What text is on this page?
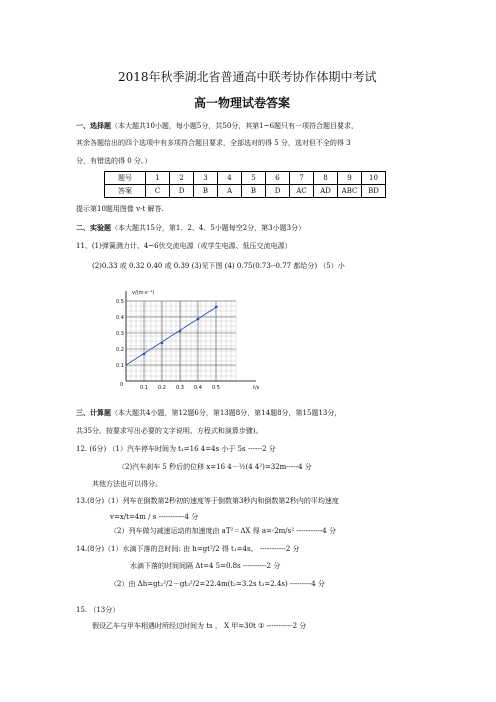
2018年秋季湖北省普通高中联考协作体期中考试
高一物理试卷答案
一、选择题（本大题共10小题，每小题5分，共50分，其第1~6题只有一项符合题目要求，
其余各题给出的四个选项中有多项符合题目要求，全部选对的得 5 分，选对但不全的得 3
分，有错选的得 0 分。）
题号	1	2	3	4	5	6	7	8	9	10
答案	C	D	B	A	B	D	AC	AD	ABC	BD
提示第10题用图像 v-t 解答.
二、实验题（本大题共15分，第1、2、4、5小题每空2分，第3小题3分）
11、(1)弹簧测力计、4~6伏交流电源（或学生电源、低压交流电源）
(2)0.33 或 0.32 0.40 或 0.39 (3)见下图 (4) 0.75(0.73--0.77 都给分) （5）小
v/(m·s⁻¹)
t/s
0	0.1 0.2 0.3 0.4 0.5
0.1
0.2
0.3
0.4
0.5
三、计算题（本大题共4小题，第12题6分，第13题8分，第14题8分，第15题13分，
共35分。按要求写出必要的文字说明、方程式和演算步骤)。
12. (6分) （1）汽车停车时间为 t₁=16 4=4s 小于 5s ------2 分
（2)汽车刹车 5 秒后的位移 x=16 4－½(4 4²)=32m-----4 分
其他方法也可以得分。
13.(8分)（1）列车在倒数第2秒初的速度等于倒数第3秒内和倒数第2秒内的平均速度
v=x/t=4m / s -----------4 分
（2）列车做匀减速运动的加速度由 aT²＝ΔX 得 a=-2m/s² -----------4 分
14.(8分)（1）水滴下落的总时间: 由 h=gt²/2 得 t₁=4s。 -----------2 分
水滴下落的时间间隔 Δt=4 5=0.8s ----------2 分
（2）由 Δh=gt₂²/2－gt₃²/2=22.4m(t₂=3.2s t₃=2.4s) ---------4 分
15. （13分）
假设乙车与甲车相遇时所经过时间为 ts ， X 甲=30t ① -----------2 分
